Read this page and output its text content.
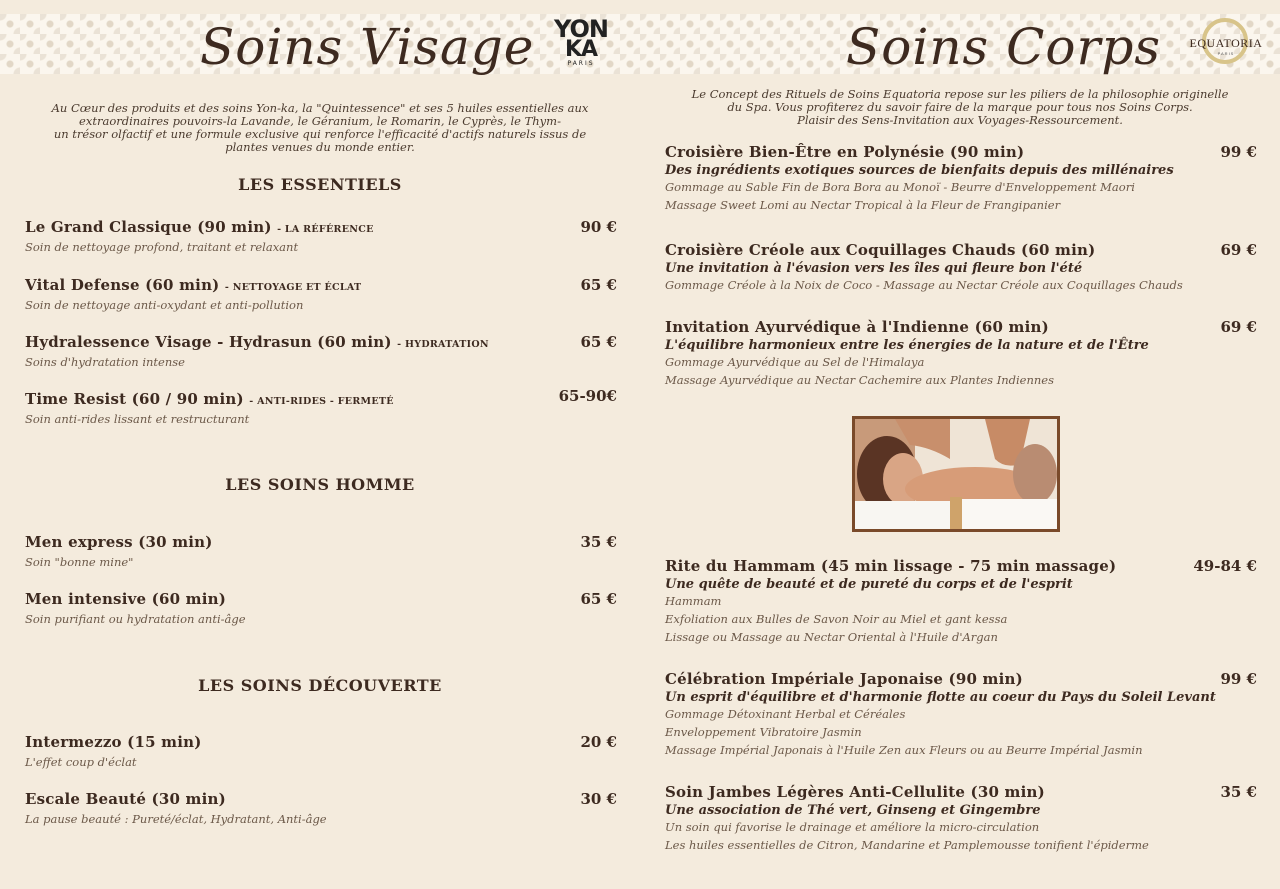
Soins Visage	Soins Corps
YON
KA
PARIS
EQUATORIA
PARIS
Au Cœur des produits et des soins Yon-ka, la "Quintessence" et ses 5 huiles essentielles aux
extraordinaires pouvoirs-la Lavande, le Géranium, le Romarin, le Cyprès, le Thym-
un trésor olfactif et une formule exclusive qui renforce l'efficacité d'actifs naturels issus de
plantes venues du monde entier.
LES ESSENTIELS
Le Grand Classique (90 min) - LA RÉFÉRENCE
Soin de nettoyage profond, traitant et relaxant
90 €
Vital Defense (60 min) - NETTOYAGE ET ÉCLAT
Soin de nettoyage anti-oxydant et anti-pollution
65 €
Hydralessence Visage - Hydrasun (60 min) - HYDRATATION
Soins d'hydratation intense
65 €
Time Resist (60 / 90 min) - ANTI-RIDES - FERMETÉ
Soin anti-rides lissant et restructurant
65-90€
LES SOINS HOMME
Men express (30 min)
Soin "bonne mine"
35 €
Men intensive (60 min)
Soin purifiant ou hydratation anti-âge
65 €
LES SOINS DÉCOUVERTE
Intermezzo (15 min)
L'effet coup d'éclat
20 €
Escale Beauté (30 min)
La pause beauté : Pureté/éclat, Hydratant, Anti-âge
30 €
Le Concept des Rituels de Soins Equatoria repose sur les piliers de la philosophie originelle
du Spa. Vous profiterez du savoir faire de la marque pour tous nos Soins Corps.
Plaisir des Sens-Invitation aux Voyages-Ressourcement.
Croisière Bien-Être en Polynésie (90 min)
Des ingrédients exotiques sources de bienfaits depuis des millénaires
Gommage au Sable Fin de Bora Bora au Monoï - Beurre d'Enveloppement Maori
Massage Sweet Lomi au Nectar Tropical à la Fleur de Frangipanier
99 €
Croisière Créole aux Coquillages Chauds (60 min)
Une invitation à l'évasion vers les îles qui fleure bon l'été
Gommage Créole à la Noix de Coco - Massage au Nectar Créole aux Coquillages Chauds
69 €
Invitation Ayurvédique à l'Indienne (60 min)
L'équilibre harmonieux entre les énergies de la nature et de l'Être
Gommage Ayurvédique au Sel de l'Himalaya
Massage Ayurvédique au Nectar Cachemire aux Plantes Indiennes
69 €
Rite du Hammam (45 min lissage - 75 min massage)
Une quête de beauté et de pureté du corps et de l'esprit
Hammam
Exfoliation aux Bulles de Savon Noir au Miel et gant kessa
Lissage ou Massage au Nectar Oriental à l'Huile d'Argan
49-84 €
Célébration Impériale Japonaise (90 min)
Un esprit d'équilibre et d'harmonie flotte au coeur du Pays du Soleil Levant
Gommage Détoxinant Herbal et Céréales
Enveloppement Vibratoire Jasmin
Massage Impérial Japonais à l'Huile Zen aux Fleurs ou au Beurre Impérial Jasmin
99 €
Soin Jambes Légères Anti-Cellulite (30 min)
Une association de Thé vert, Ginseng et Gingembre
Un soin qui favorise le drainage et améliore la micro-circulation
Les huiles essentielles de Citron, Mandarine et Pamplemousse tonifient l'épiderme
35 €
